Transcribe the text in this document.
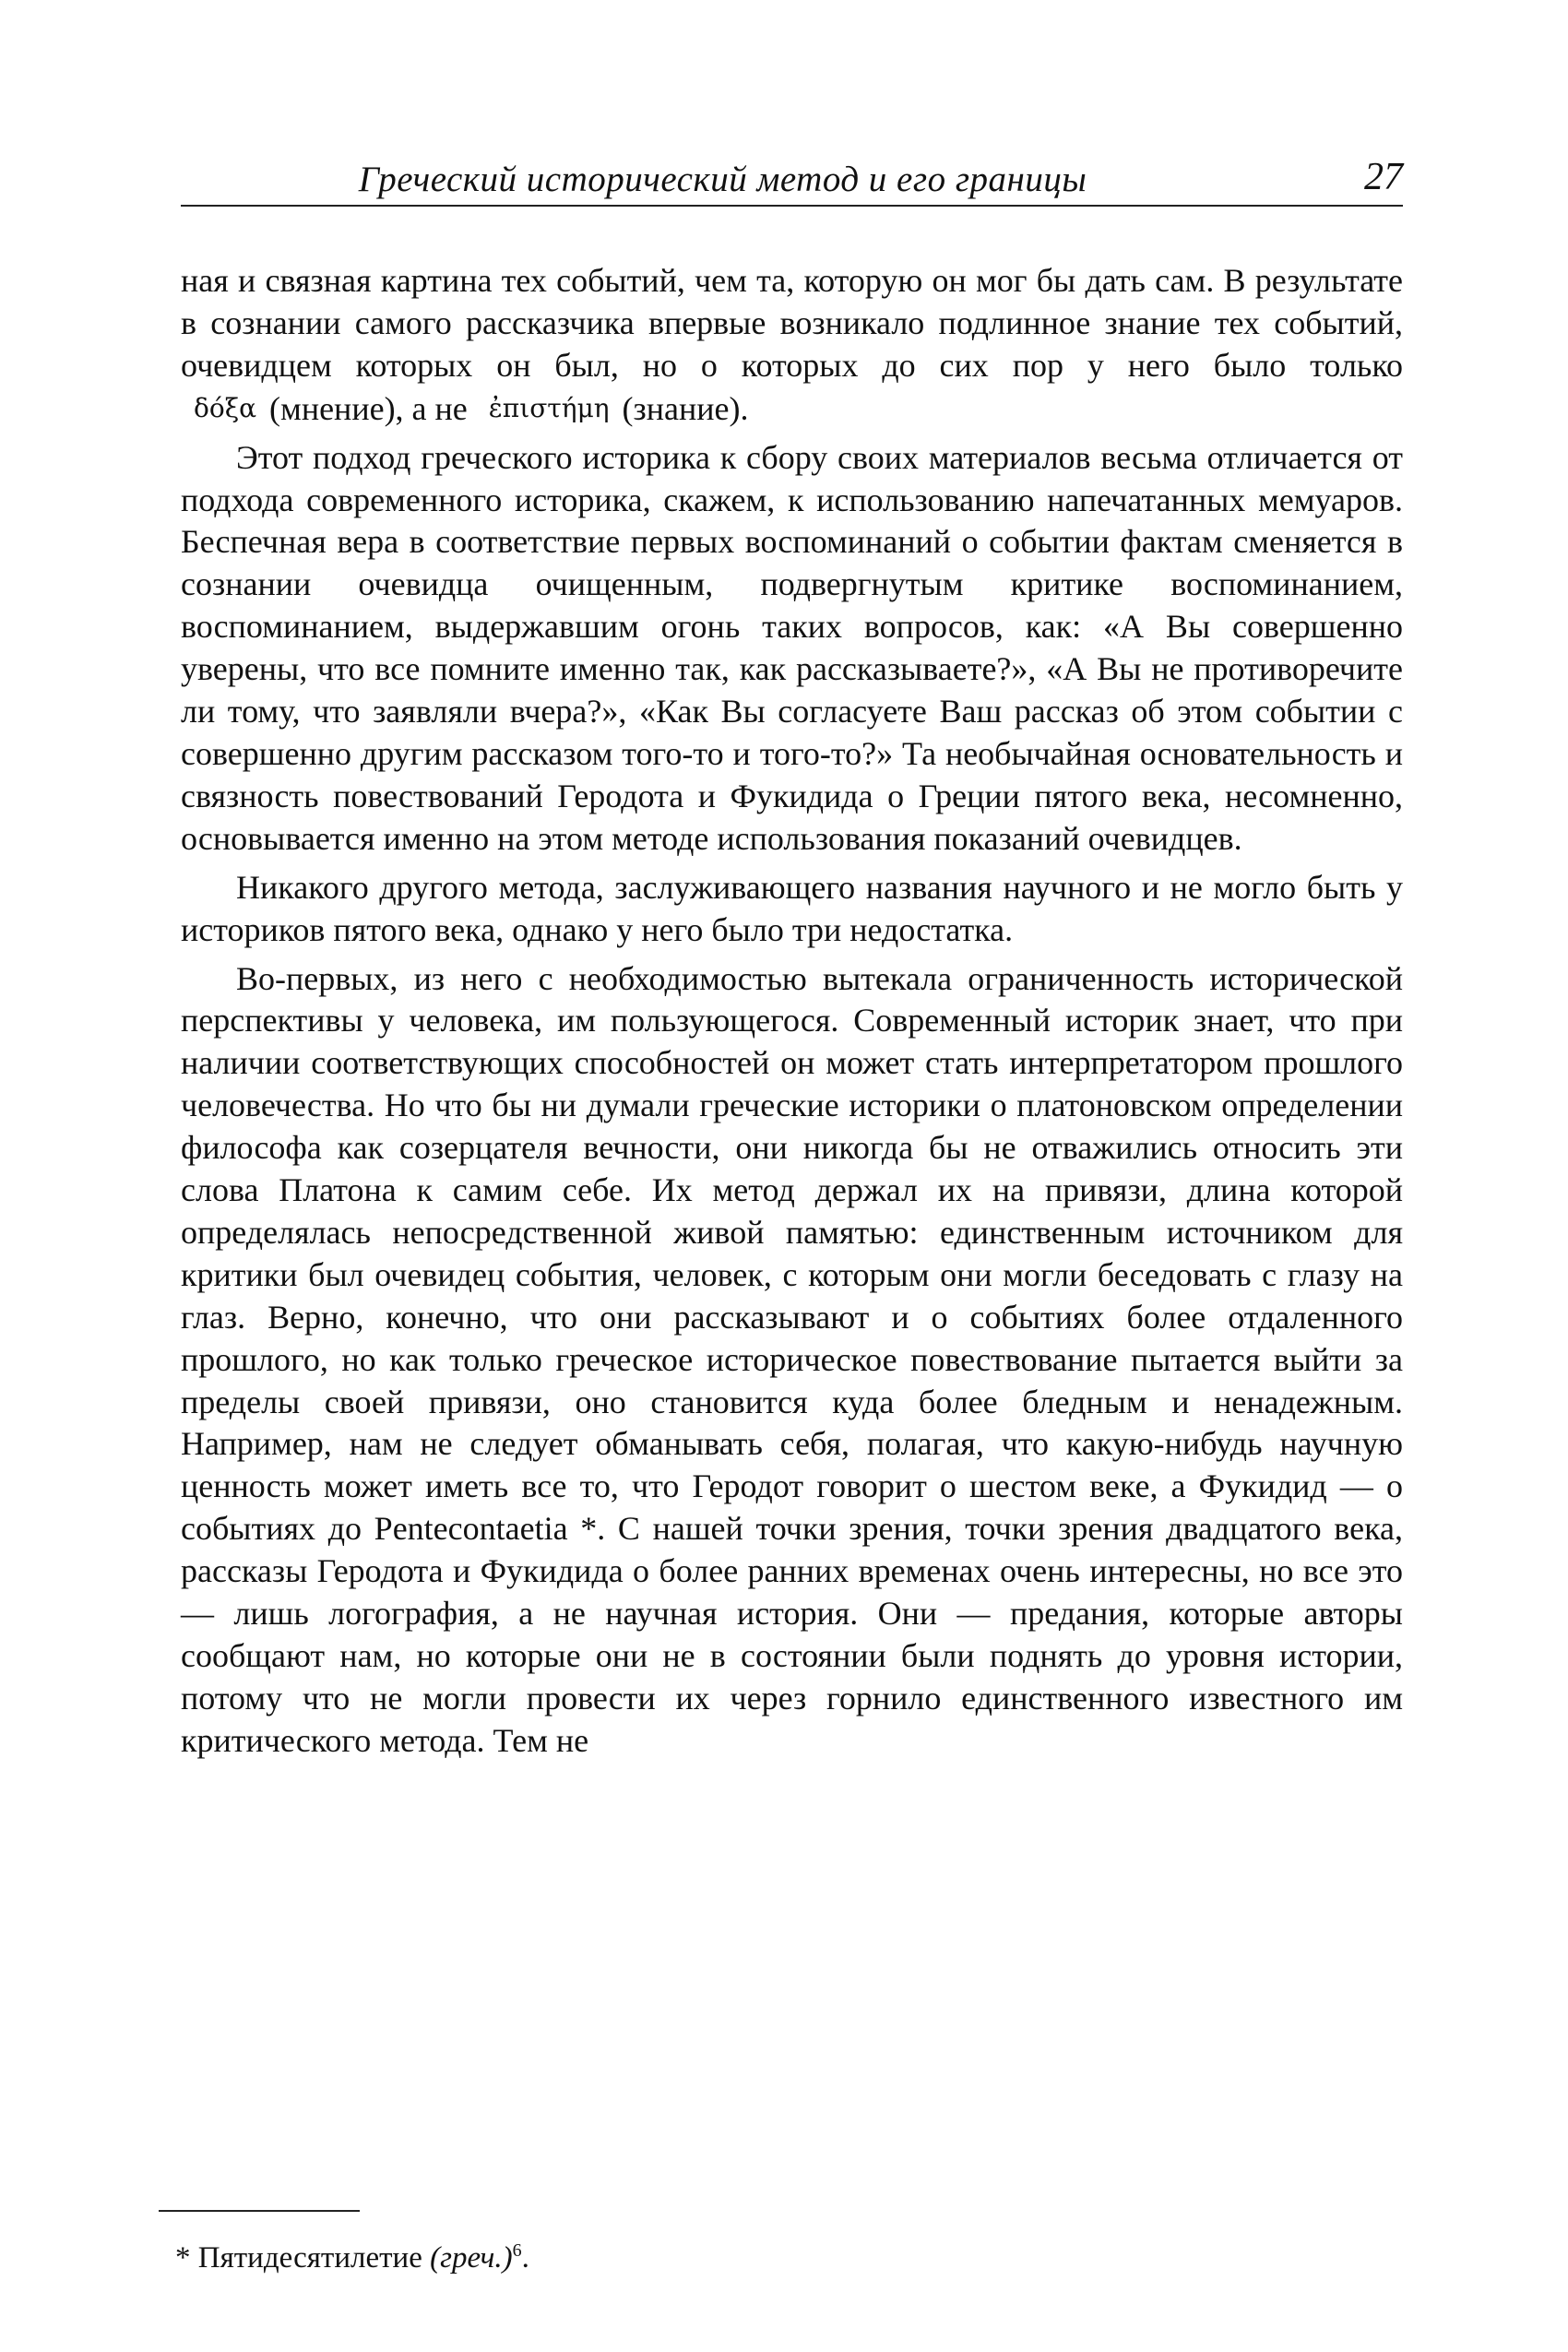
Греческий исторический метод и его границы	27

ная и связная картина тех событий, чем та, которую он мог бы дать сам. В результате в сознании самого рассказчика впервые возникало подлинное знание тех событий, очевидцем которых он был, но о которых до сих пор у него было только δόξα (мнение), а не ἐπιστήμη (знание).

Этот подход греческого историка к сбору своих материалов весьма отличается от подхода современного историка, скажем, к использованию напечатанных мемуаров. Беспечная вера в соответствие первых воспоминаний о событии фактам сменяется в сознании очевидца очищенным, подвергнутым критике воспоминанием, воспоминанием, выдержавшим огонь таких вопросов, как: «А Вы совершенно уверены, что все помните именно так, как рассказываете?», «А Вы не противоречите ли тому, что заявляли вчера?», «Как Вы согласуете Ваш рассказ об этом событии с совершенно другим рассказом того-то и того-то?» Та необычайная основательность и связность повествований Геродота и Фукидида о Греции пятого века, несомненно, основывается именно на этом методе использования показаний очевидцев.

Никакого другого метода, заслуживающего названия научного и не могло быть у историков пятого века, однако у него было три недостатка.

Во-первых, из него с необходимостью вытекала ограниченность исторической перспективы у человека, им пользующегося. Современный историк знает, что при наличии соответствующих способностей он может стать интерпретатором прошлого человечества. Но что бы ни думали греческие историки о платоновском определении философа как созерцателя вечности, они никогда бы не отважились относить эти слова Платона к самим себе. Их метод держал их на привязи, длина которой определялась непосредственной живой памятью: единственным источником для критики был очевидец события, человек, с которым они могли беседовать с глазу на глаз. Верно, конечно, что они рассказывают и о событиях более отдаленного прошлого, но как только греческое историческое повествование пытается выйти за пределы своей привязи, оно становится куда более бледным и ненадежным. Например, нам не следует обманывать себя, полагая, что какую-нибудь научную ценность может иметь все то, что Геродот говорит о шестом веке, а Фукидид — о событиях до Pentecontaetia *. С нашей точки зрения, точки зрения двадцатого века, рассказы Геродота и Фукидида о более ранних временах очень интересны, но все это — лишь логография, а не научная история. Они — предания, которые авторы сообщают нам, но которые они не в состоянии были поднять до уровня истории, потому что не могли провести их через горнило единственного известного им критического метода. Тем не

* Пятидесятилетие (греч.)$^6$.
